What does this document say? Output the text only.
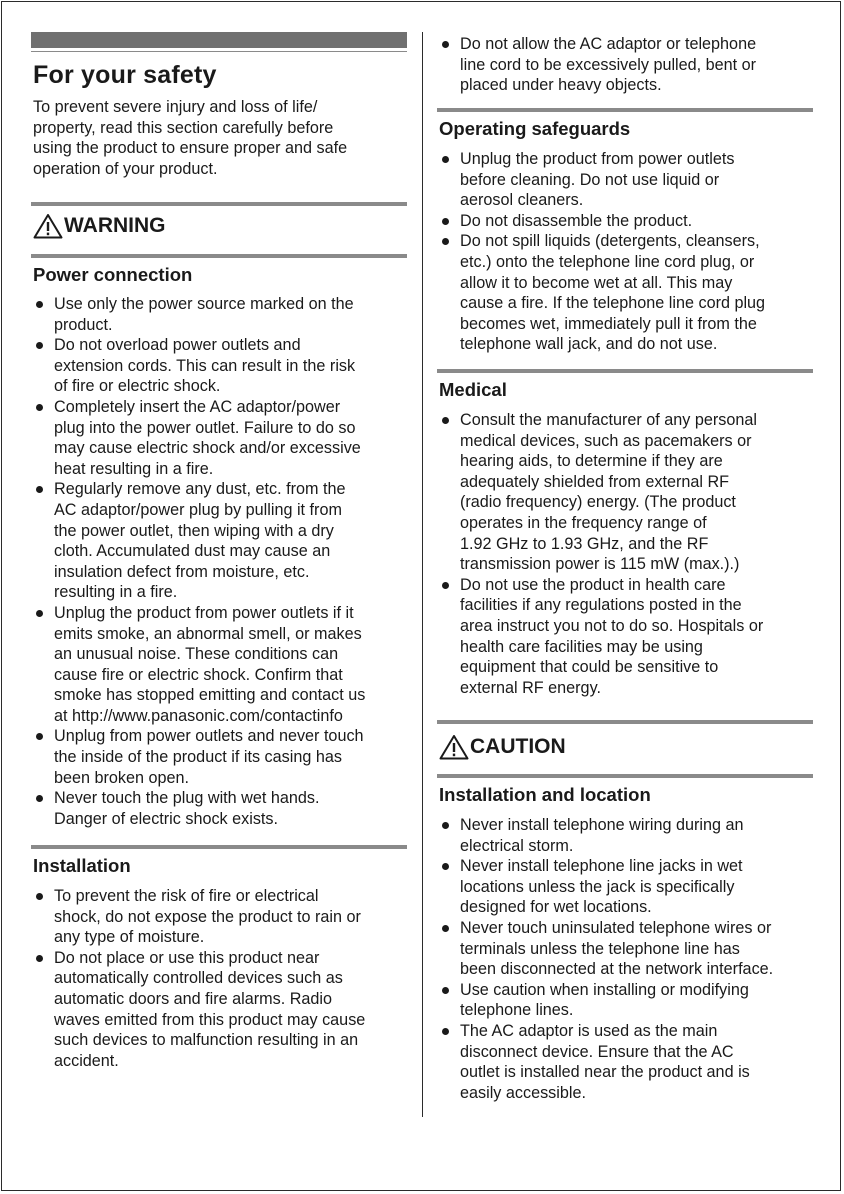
For your safety

To prevent severe injury and loss of life/
property, read this section carefully before
using the product to ensure proper and safe
operation of your product.

WARNING
Power connection
Use only the power source marked on the
product.
Do not overload power outlets and
extension cords. This can result in the risk
of fire or electric shock.
Completely insert the AC adaptor/power
plug into the power outlet. Failure to do so
may cause electric shock and/or excessive
heat resulting in a fire.
Regularly remove any dust, etc. from the
AC adaptor/power plug by pulling it from
the power outlet, then wiping with a dry
cloth. Accumulated dust may cause an
insulation defect from moisture, etc.
resulting in a fire.
Unplug the product from power outlets if it
emits smoke, an abnormal smell, or makes
an unusual noise. These conditions can
cause fire or electric shock. Confirm that
smoke has stopped emitting and contact us
at http://www.panasonic.com/contactinfo
Unplug from power outlets and never touch
the inside of the product if its casing has
been broken open.
Never touch the plug with wet hands.
Danger of electric shock exists.
Installation
To prevent the risk of fire or electrical
shock, do not expose the product to rain or
any type of moisture.
Do not place or use this product near
automatically controlled devices such as
automatic doors and fire alarms. Radio
waves emitted from this product may cause
such devices to malfunction resulting in an
accident.
Do not allow the AC adaptor or telephone
line cord to be excessively pulled, bent or
placed under heavy objects.
Operating safeguards
Unplug the product from power outlets
before cleaning. Do not use liquid or
aerosol cleaners.
Do not disassemble the product.
Do not spill liquids (detergents, cleansers,
etc.) onto the telephone line cord plug, or
allow it to become wet at all. This may
cause a fire. If the telephone line cord plug
becomes wet, immediately pull it from the
telephone wall jack, and do not use.
Medical
Consult the manufacturer of any personal
medical devices, such as pacemakers or
hearing aids, to determine if they are
adequately shielded from external RF
(radio frequency) energy. (The product
operates in the frequency range of
1.92 GHz to 1.93 GHz, and the RF
transmission power is 115 mW (max.).)
Do not use the product in health care
facilities if any regulations posted in the
area instruct you not to do so. Hospitals or
health care facilities may be using
equipment that could be sensitive to
external RF energy.
CAUTION
Installation and location
Never install telephone wiring during an
electrical storm.
Never install telephone line jacks in wet
locations unless the jack is specifically
designed for wet locations.
Never touch uninsulated telephone wires or
terminals unless the telephone line has
been disconnected at the network interface.
Use caution when installing or modifying
telephone lines.
The AC adaptor is used as the main
disconnect device. Ensure that the AC
outlet is installed near the product and is
easily accessible.
